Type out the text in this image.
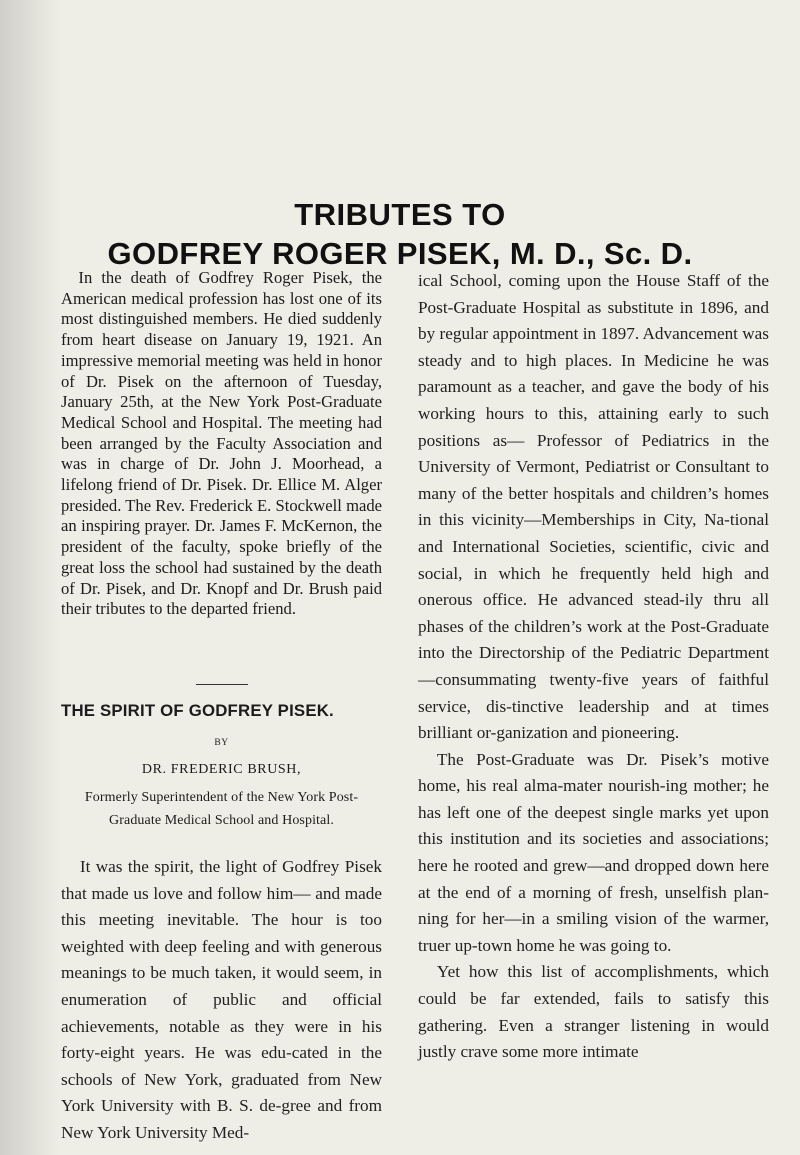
TRIBUTES TO
GODFREY ROGER PISEK, M. D., Sc. D.

In the death of Godfrey Roger Pisek, the American medical profession has lost one of its most distinguished members. He died suddenly from heart disease on January 19, 1921. An impressive memorial meeting was held in honor of Dr. Pisek on the afternoon of Tuesday, January 25th, at the New York Post-Graduate Medical School and Hospital. The meeting had been arranged by the Faculty Association and was in charge of Dr. John J. Moorhead, a lifelong friend of Dr. Pisek. Dr. Ellice M. Alger presided. The Rev. Frederick E. Stockwell made an inspiring prayer. Dr. James F. McKernon, the president of the faculty, spoke briefly of the great loss the school had sustained by the death of Dr. Pisek, and Dr. Knopf and Dr. Brush paid their tributes to the departed friend.

THE SPIRIT OF GODFREY PISEK.

BY

DR. FREDERIC BRUSH,

Formerly Superintendent of the New York Post-Graduate Medical School and Hospital.

It was the spirit, the light of Godfrey Pisek that made us love and follow him— and made this meeting inevitable. The hour is too weighted with deep feeling and with generous meanings to be much taken, it would seem, in enumeration of public and official achievements, notable as they were in his forty-eight years. He was edu-cated in the schools of New York, graduated from New York University with B. S. de-gree and from New York University Med-

ical School, coming upon the House Staff of the Post-Graduate Hospital as substitute in 1896, and by regular appointment in 1897. Advancement was steady and to high places. In Medicine he was paramount as a teacher, and gave the body of his working hours to this, attaining early to such positions as— Professor of Pediatrics in the University of Vermont, Pediatrist or Consultant to many of the better hospitals and children’s homes in this vicinity—Memberships in City, Na-tional and International Societies, scientific, civic and social, in which he frequently held high and onerous office. He advanced stead-ily thru all phases of the children’s work at the Post-Graduate into the Directorship of the Pediatric Department—consummating twenty-five years of faithful service, dis-tinctive leadership and at times brilliant or-ganization and pioneering.

The Post-Graduate was Dr. Pisek’s motive home, his real alma-mater nourish-ing mother; he has left one of the deepest single marks yet upon this institution and its societies and associations; here he rooted and grew—and dropped down here at the end of a morning of fresh, unselfish plan-ning for her—in a smiling vision of the warmer, truer up-town home he was going to.

Yet how this list of accomplishments, which could be far extended, fails to satisfy this gathering. Even a stranger listening in would justly crave some more intimate
